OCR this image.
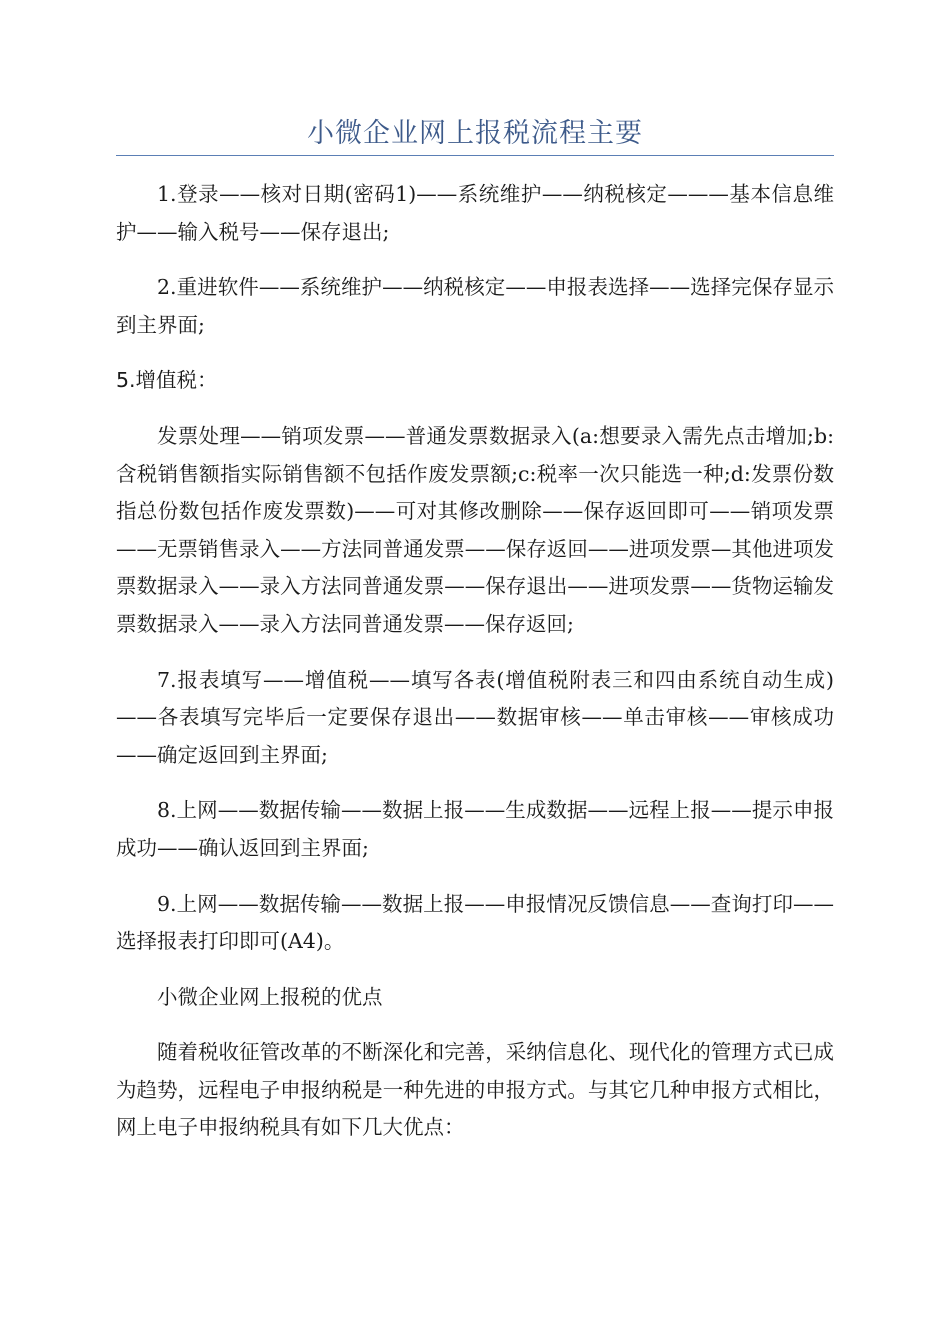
小微企业网上报税流程主要

1.登录——核对日期(密码1)——系统维护——纳税核定———基本信息维护——输入税号——保存退出;

2.重进软件——系统维护——纳税核定——申报表选择——选择完保存显示到主界面;

5.增值税：

发票处理——销项发票——普通发票数据录入(a:想要录入需先点击增加;b:含税销售额指实际销售额不包括作废发票额;c:税率一次只能选一种;d:发票份数指总份数包括作废发票数)——可对其修改删除——保存返回即可——销项发票——无票销售录入——方法同普通发票——保存返回——进项发票—其他进项发票数据录入——录入方法同普通发票——保存退出——进项发票——货物运输发票数据录入——录入方法同普通发票——保存返回;

7.报表填写——增值税——填写各表(增值税附表三和四由系统自动生成)——各表填写完毕后一定要保存退出——数据审核——单击审核——审核成功——确定返回到主界面;

8.上网——数据传输——数据上报——生成数据——远程上报——提示申报成功——确认返回到主界面;

9.上网——数据传输——数据上报——申报情况反馈信息——查询打印——选择报表打印即可(A4)。

小微企业网上报税的优点

随着税收征管改革的不断深化和完善，采纳信息化、现代化的管理方式已成为趋势，远程电子申报纳税是一种先进的申报方式。与其它几种申报方式相比，网上电子申报纳税具有如下几大优点：
